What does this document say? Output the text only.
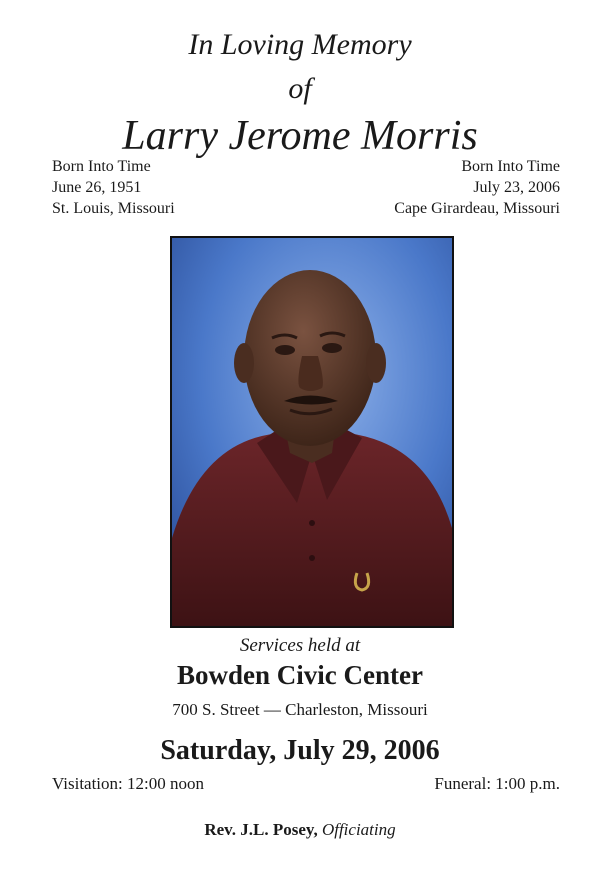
In Loving Memory
of
Larry Jerome Morris
Born Into Time
June 26, 1951
St. Louis, Missouri
Born Into Time
July 23, 2006
Cape Girardeau, Missouri
Services held at
Bowden Civic Center
700 S. Street — Charleston, Missouri
Saturday, July 29, 2006
Visitation: 12:00 noon	Funeral: 1:00 p.m.
Rev. J.L. Posey, Officiating
